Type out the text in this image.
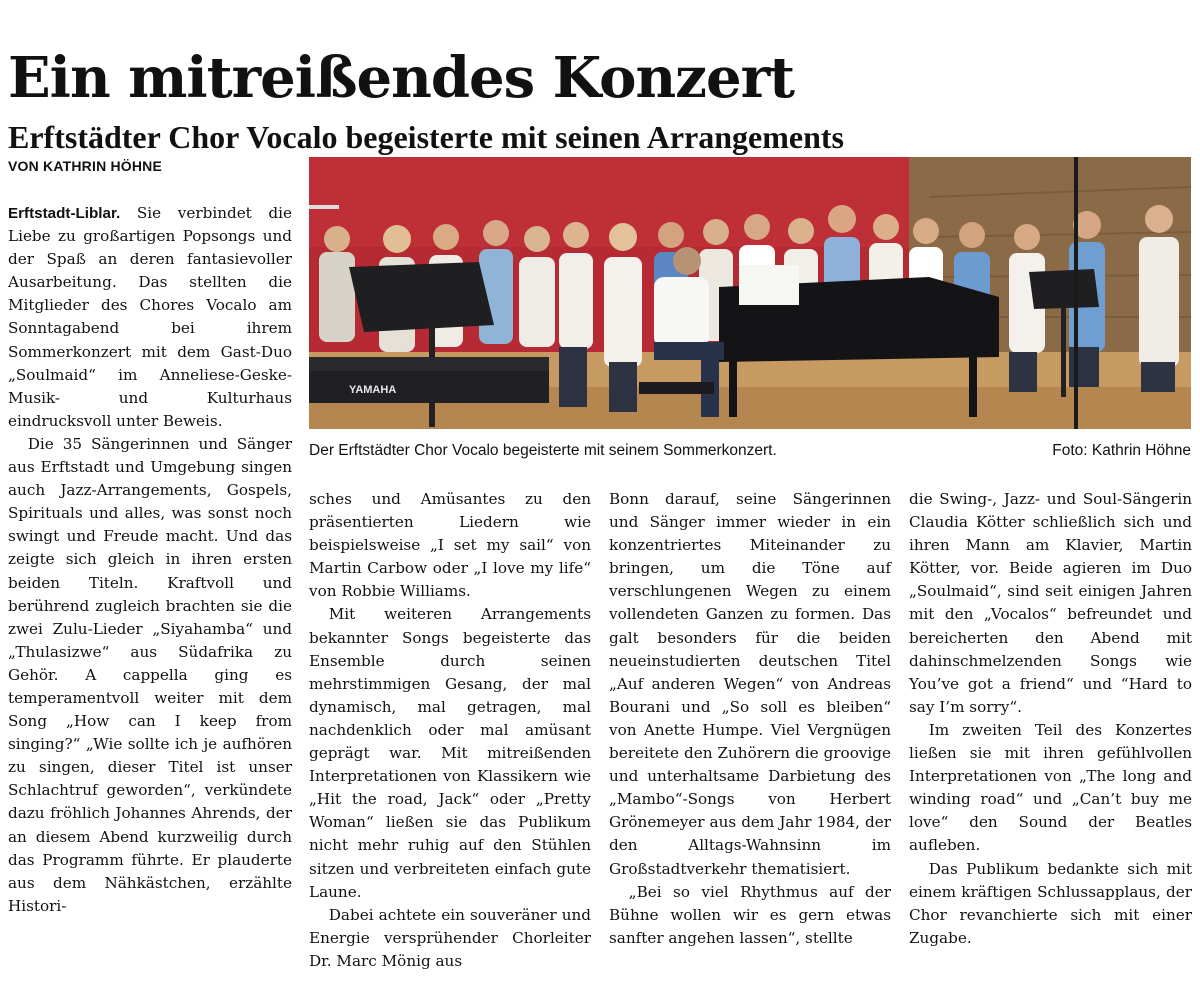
Ein mitreißendes Konzert
Erftstädter Chor Vocalo begeisterte mit seinen Arrangements
VON KATHRIN HÖHNE

Erftstadt-Liblar. Sie verbindet die Liebe zu großartigen Popsongs und der Spaß an deren fantasievoller Ausarbeitung. Das stellten die Mitglieder des Chores Vocalo am Sonntagabend bei ihrem Sommerkonzert mit dem Gast-Duo „Soulmaid“ im Anneliese-Geske-Musik- und Kulturhaus eindrucksvoll unter Beweis.

Die 35 Sängerinnen und Sänger aus Erftstadt und Umgebung singen auch Jazz-Arrangements, Gospels, Spirituals und alles, was sonst noch swingt und Freude macht. Und das zeigte sich gleich in ihren ersten beiden Titeln. Kraftvoll und berührend zugleich brachten sie die zwei Zulu-Lieder „Siyahamba“ und „Thulasizwe“ aus Südafrika zu Gehör. A cappella ging es temperamentvoll weiter mit dem Song „How can I keep from singing?“ „Wie sollte ich je aufhören zu singen, dieser Titel ist unser Schlachtruf geworden“, verkündete dazu fröhlich Johannes Ahrends, der an diesem Abend kurzweilig durch das Programm führte. Er plauderte aus dem Nähkästchen, erzählte Histori-

YAMAHA
Der Erftstädter Chor Vocalo begeisterte mit seinem Sommerkonzert.	Foto: Kathrin Höhne

sches und Amüsantes zu den präsentierten Liedern wie beispielsweise „I set my sail“ von Martin Carbow oder „I love my life“ von Robbie Williams.

Mit weiteren Arrangements bekannter Songs begeisterte das Ensemble durch seinen mehrstimmigen Gesang, der mal dynamisch, mal getragen, mal nachdenklich oder mal amüsant geprägt war. Mit mitreißenden Interpretationen von Klassikern wie „Hit the road, Jack“ oder „Pretty Woman“ ließen sie das Publikum nicht mehr ruhig auf den Stühlen sitzen und verbreiteten einfach gute Laune.

Dabei achtete ein souveräner und Energie versprühender Chorleiter Dr. Marc Mönig aus

Bonn darauf, seine Sängerinnen und Sänger immer wieder in ein konzentriertes Miteinander zu bringen, um die Töne auf verschlungenen Wegen zu einem vollendeten Ganzen zu formen. Das galt besonders für die beiden neueinstudierten deutschen Titel „Auf anderen Wegen“ von Andreas Bourani und „So soll es bleiben“ von Anette Humpe. Viel Vergnügen bereitete den Zuhörern die groovige und unterhaltsame Darbietung des „Mambo“-Songs von Herbert Grönemeyer aus dem Jahr 1984, der den Alltags-Wahnsinn im Großstadtverkehr thematisiert.

„Bei so viel Rhythmus auf der Bühne wollen wir es gern etwas sanfter angehen lassen“, stellte

die Swing-, Jazz- und Soul-Sängerin Claudia Kötter schließlich sich und ihren Mann am Klavier, Martin Kötter, vor. Beide agieren im Duo „Soulmaid“, sind seit einigen Jahren mit den „Vocalos“ befreundet und bereicherten den Abend mit dahinschmelzenden Songs wie You’ve got a friend“ und “Hard to say I’m sorry“.

Im zweiten Teil des Konzertes ließen sie mit ihren gefühlvollen Interpretationen von „The long and winding road“ und „Can’t buy me love“ den Sound der Beatles aufleben.

Das Publikum bedankte sich mit einem kräftigen Schlussapplaus, der Chor revanchierte sich mit einer Zugabe.
